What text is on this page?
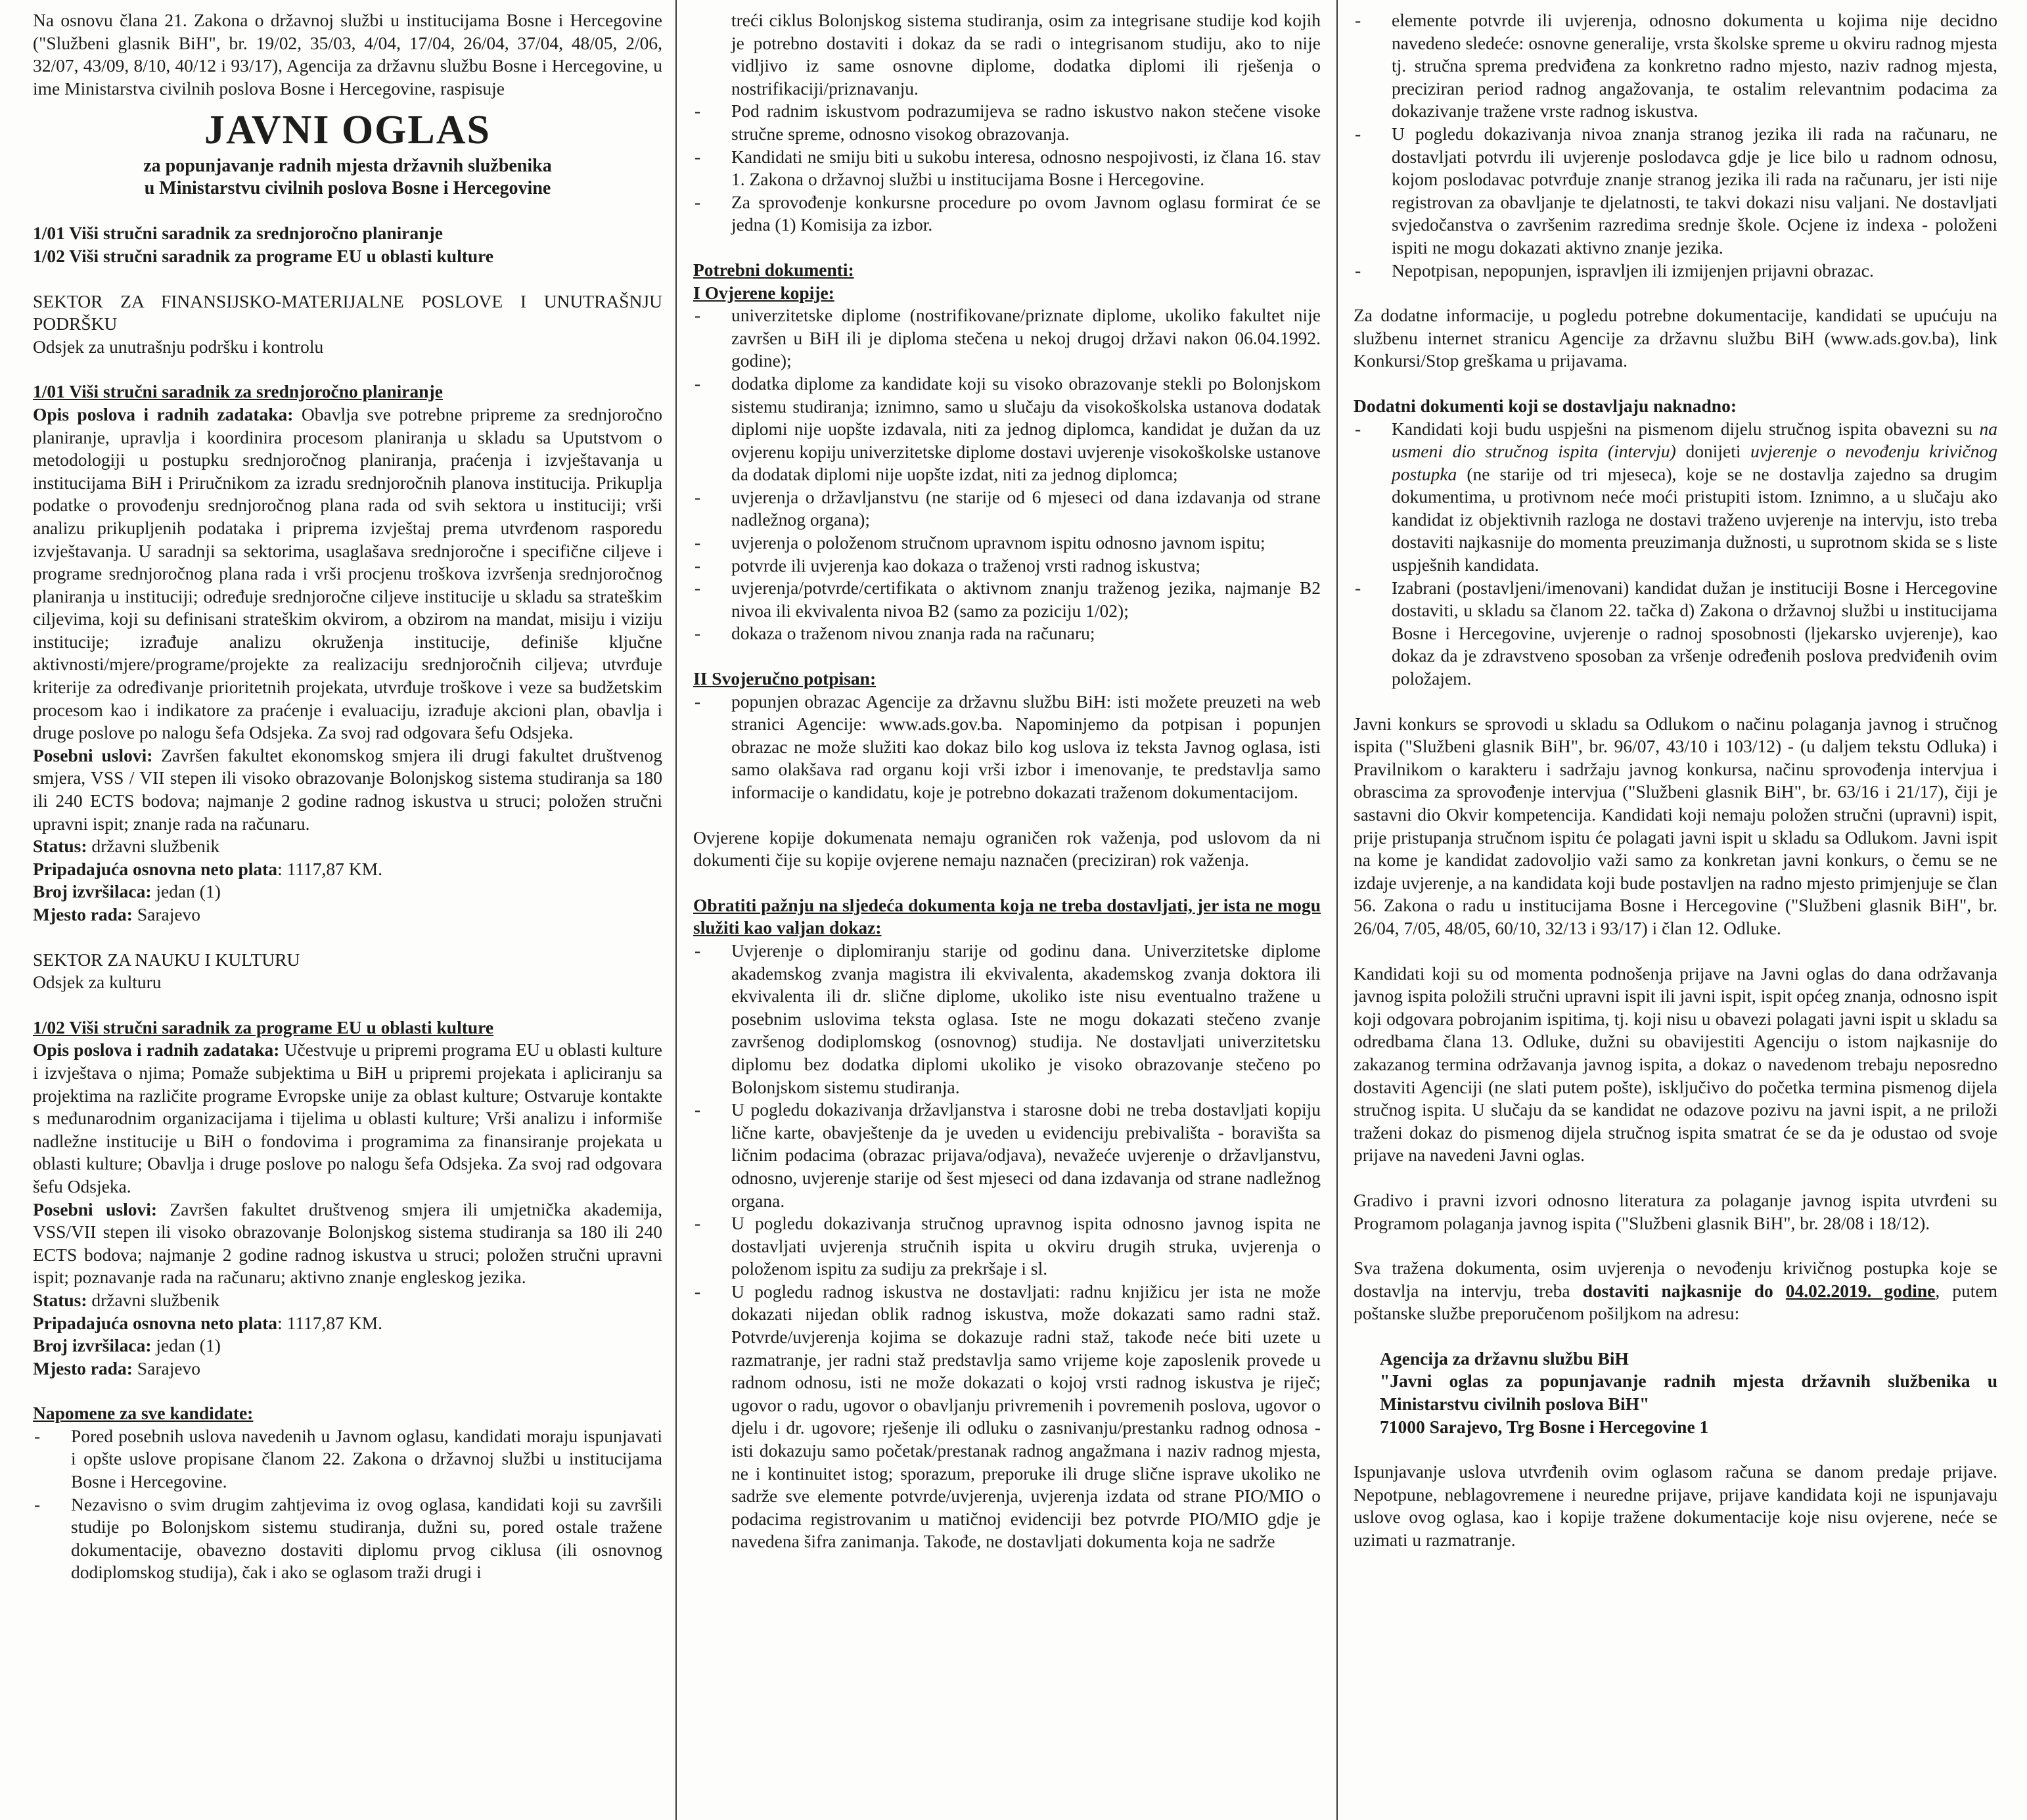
Na osnovu člana 21. Zakona o državnoj službi u institucijama Bosne i Hercegovine ("Službeni glasnik BiH", br. 19/02, 35/03, 4/04, 17/04, 26/04, 37/04, 48/05, 2/06, 32/07, 43/09, 8/10, 40/12 i 93/17), Agencija za državnu službu Bosne i Hercegovine, u ime Ministarstva civilnih poslova Bosne i Hercegovine, raspisuje

JAVNI OGLAS
za popunjavanje radnih mjesta državnih službenika
u Ministarstvu civilnih poslova Bosne i Hercegovine

1/01 Viši stručni saradnik za srednjoročno planiranje

1/02 Viši stručni saradnik za programe EU u oblasti kulture

SEKTOR ZA FINANSIJSKO-MATERIJALNE POSLOVE I UNUTRAŠNJU PODRŠKU

Odsjek za unutrašnju podršku i kontrolu

1/01 Viši stručni saradnik za srednjoročno planiranje

Opis poslova i radnih zadataka: Obavlja sve potrebne pripreme za srednjoročno planiranje, upravlja i koordinira procesom planiranja u skladu sa Uputstvom o metodologiji u postupku srednjoročnog planiranja, praćenja i izvještavanja u institucijama BiH i Priručnikom za izradu srednjoročnih planova institucija. Prikuplja podatke o provođenju srednjoročnog plana rada od svih sektora u instituciji; vrši analizu prikupljenih podataka i priprema izvještaj prema utvrđenom rasporedu izvještavanja. U saradnji sa sektorima, usaglašava srednjoročne i specifične ciljeve i programe srednjoročnog plana rada i vrši procjenu troškova izvršenja srednjoročnog planiranja u instituciji; određuje srednjoročne ciljeve institucije u skladu sa strateškim ciljevima, koji su definisani strateškim okvirom, a obzirom na mandat, misiju i viziju institucije; izrađuje analizu okruženja institucije, definiše ključne aktivnosti/mjere/programe/projekte za realizaciju srednjoročnih ciljeva; utvrđuje kriterije za određivanje prioritetnih projekata, utvrđuje troškove i veze sa budžetskim procesom kao i indikatore za praćenje i evaluaciju, izrađuje akcioni plan, obavlja i druge poslove po nalogu šefa Odsjeka. Za svoj rad odgovara šefu Odsjeka.

Posebni uslovi: Završen fakultet ekonomskog smjera ili drugi fakultet društvenog smjera, VSS / VII stepen ili visoko obrazovanje Bolonjskog sistema studiranja sa 180 ili 240 ECTS bodova; najmanje 2 godine radnog iskustva u struci; položen stručni upravni ispit; znanje rada na računaru.

Status: državni službenik

Pripadajuća osnovna neto plata: 1117,87 KM.

Broj izvršilaca: jedan (1)

Mjesto rada: Sarajevo

SEKTOR ZA NAUKU I KULTURU

Odsjek za kulturu

1/02 Viši stručni saradnik za programe EU u oblasti kulture

Opis poslova i radnih zadataka: Učestvuje u pripremi programa EU u oblasti kulture i izvještava o njima; Pomaže subjektima u BiH u pripremi projekata i apliciranju sa projektima na različite programe Evropske unije za oblast kulture; Ostvaruje kontakte s međunarodnim organizacijama i tijelima u oblasti kulture; Vrši analizu i informiše nadležne institucije u BiH o fondovima i programima za finansiranje projekata u oblasti kulture; Obavlja i druge poslove po nalogu šefa Odsjeka. Za svoj rad odgovara šefu Odsjeka.

Posebni uslovi: Završen fakultet društvenog smjera ili umjetnička akademija, VSS/VII stepen ili visoko obrazovanje Bolonjskog sistema studiranja sa 180 ili 240 ECTS bodova; najmanje 2 godine radnog iskustva u struci; položen stručni upravni ispit; poznavanje rada na računaru; aktivno znanje engleskog jezika.

Status: državni službenik

Pripadajuća osnovna neto plata: 1117,87 KM.

Broj izvršilaca: jedan (1)

Mjesto rada: Sarajevo

Napomene za sve kandidate:

- Pored posebnih uslova navedenih u Javnom oglasu, kandidati moraju ispunjavati i opšte uslove propisane članom 22. Zakona o državnoj službi u institucijama Bosne i Hercegovine.
- Nezavisno o svim drugim zahtjevima iz ovog oglasa, kandidati koji su završili studije po Bolonjskom sistemu studiranja, dužni su, pored ostale tražene dokumentacije, obavezno dostaviti diplomu prvog ciklusa (ili osnovnog dodiplomskog studija), čak i ako se oglasom traži drugi i
treći ciklus Bolonjskog sistema studiranja, osim za integrisane studije kod kojih je potrebno dostaviti i dokaz da se radi o integrisanom studiju, ako to nije vidljivo iz same osnovne diplome, dodatka diplomi ili rješenja o nostrifikaciji/priznavanju.
- Pod radnim iskustvom podrazumijeva se radno iskustvo nakon stečene visoke stručne spreme, odnosno visokog obrazovanja.
- Kandidati ne smiju biti u sukobu interesa, odnosno nespojivosti, iz člana 16. stav 1. Zakona o državnoj službi u institucijama Bosne i Hercegovine.
- Za sprovođenje konkursne procedure po ovom Javnom oglasu formirat će se jedna (1) Komisija za izbor.

Potrebni dokumenti:

I Ovjerene kopije:

- univerzitetske diplome (nostrifikovane/priznate diplome, ukoliko fakultet nije završen u BiH ili je diploma stečena u nekoj drugoj državi nakon 06.04.1992. godine);
- dodatka diplome za kandidate koji su visoko obrazovanje stekli po Bolonjskom sistemu studiranja; iznimno, samo u slučaju da visokoškolska ustanova dodatak diplomi nije uopšte izdavala, niti za jednog diplomca, kandidat je dužan da uz ovjerenu kopiju univerzitetske diplome dostavi uvjerenje visokoškolske ustanove da dodatak diplomi nije uopšte izdat, niti za jednog diplomca;
- uvjerenja o državljanstvu (ne starije od 6 mjeseci od dana izdavanja od strane nadležnog organa);
- uvjerenja o položenom stručnom upravnom ispitu odnosno javnom ispitu;
- potvrde ili uvjerenja kao dokaza o traženoj vrsti radnog iskustva;
- uvjerenja/potvrde/certifikata o aktivnom znanju traženog jezika, najmanje B2 nivoa ili ekvivalenta nivoa B2 (samo za poziciju 1/02);
- dokaza o traženom nivou znanja rada na računaru;

II Svojeručno potpisan:

- popunjen obrazac Agencije za državnu službu BiH: isti možete preuzeti na web stranici Agencije: www.ads.gov.ba. Napominjemo da potpisan i popunjen obrazac ne može služiti kao dokaz bilo kog uslova iz teksta Javnog oglasa, isti samo olakšava rad organu koji vrši izbor i imenovanje, te predstavlja samo informacije o kandidatu, koje je potrebno dokazati traženom dokumentacijom.

Ovjerene kopije dokumenata nemaju ograničen rok važenja, pod uslovom da ni dokumenti čije su kopije ovjerene nemaju naznačen (preciziran) rok važenja.

Obratiti pažnju na sljedeća dokumenta koja ne treba dostavljati, jer ista ne mogu služiti kao valjan dokaz:

- Uvjerenje o diplomiranju starije od godinu dana. Univerzitetske diplome akademskog zvanja magistra ili ekvivalenta, akademskog zvanja doktora ili ekvivalenta ili dr. slične diplome, ukoliko iste nisu eventualno tražene u posebnim uslovima teksta oglasa. Iste ne mogu dokazati stečeno zvanje završenog dodiplomskog (osnovnog) studija. Ne dostavljati univerzitetsku diplomu bez dodatka diplomi ukoliko je visoko obrazovanje stečeno po Bolonjskom sistemu studiranja.
- U pogledu dokazivanja državljanstva i starosne dobi ne treba dostavljati kopiju lične karte, obavještenje da je uveden u evidenciju prebivališta - boravišta sa ličnim podacima (obrazac prijava/odjava), nevažeće uvjerenje o državljanstvu, odnosno, uvjerenje starije od šest mjeseci od dana izdavanja od strane nadležnog organa.
- U pogledu dokazivanja stručnog upravnog ispita odnosno javnog ispita ne dostavljati uvjerenja stručnih ispita u okviru drugih struka, uvjerenja o položenom ispitu za sudiju za prekršaje i sl.
- U pogledu radnog iskustva ne dostavljati: radnu knjižicu jer ista ne može dokazati nijedan oblik radnog iskustva, može dokazati samo radni staž. Potvrde/uvjerenja kojima se dokazuje radni staž, takođe neće biti uzete u razmatranje, jer radni staž predstavlja samo vrijeme koje zaposlenik provede u radnom odnosu, isti ne može dokazati o kojoj vrsti radnog iskustva je riječ; ugovor o radu, ugovor o obavljanju privremenih i povremenih poslova, ugovor o djelu i dr. ugovore; rješenje ili odluku o zasnivanju/prestanku radnog odnosa - isti dokazuju samo početak/prestanak radnog angažmana i naziv radnog mjesta, ne i kontinuitet istog; sporazum, preporuke ili druge slične isprave ukoliko ne sadrže sve elemente potvrde/uvjerenja, uvjerenja izdata od strane PIO/MIO o podacima registrovanim u matičnoj evidenciji bez potvrde PIO/MIO gdje je navedena šifra zanimanja. Takođe, ne dostavljati dokumenta koja ne sadrže
- elemente potvrde ili uvjerenja, odnosno dokumenta u kojima nije decidno navedeno sledeće: osnovne generalije, vrsta školske spreme u okviru radnog mjesta tj. stručna sprema predviđena za konkretno radno mjesto, naziv radnog mjesta, preciziran period radnog angažovanja, te ostalim relevantnim podacima za dokazivanje tražene vrste radnog iskustva.
- U pogledu dokazivanja nivoa znanja stranog jezika ili rada na računaru, ne dostavljati potvrdu ili uvjerenje poslodavca gdje je lice bilo u radnom odnosu, kojom poslodavac potvrđuje znanje stranog jezika ili rada na računaru, jer isti nije registrovan za obavljanje te djelatnosti, te takvi dokazi nisu valjani. Ne dostavljati svjedočanstva o završenim razredima srednje škole. Ocjene iz indexa - položeni ispiti ne mogu dokazati aktivno znanje jezika.
- Nepotpisan, nepopunjen, ispravljen ili izmijenjen prijavni obrazac.

Za dodatne informacije, u pogledu potrebne dokumentacije, kandidati se upućuju na službenu internet stranicu Agencije za državnu službu BiH (www.ads.gov.ba), link Konkursi/Stop greškama u prijavama.

Dodatni dokumenti koji se dostavljaju naknadno:

- Kandidati koji budu uspješni na pismenom dijelu stručnog ispita obavezni su na usmeni dio stručnog ispita (intervju) donijeti uvjerenje o nevođenju krivičnog postupka (ne starije od tri mjeseca), koje se ne dostavlja zajedno sa drugim dokumentima, u protivnom neće moći pristupiti istom. Iznimno, a u slučaju ako kandidat iz objektivnih razloga ne dostavi traženo uvjerenje na intervju, isto treba dostaviti najkasnije do momenta preuzimanja dužnosti, u suprotnom skida se s liste uspješnih kandidata.
- Izabrani (postavljeni/imenovani) kandidat dužan je instituciji Bosne i Hercegovine dostaviti, u skladu sa članom 22. tačka d) Zakona o državnoj službi u institucijama Bosne i Hercegovine, uvjerenje o radnoj sposobnosti (ljekarsko uvjerenje), kao dokaz da je zdravstveno sposoban za vršenje određenih poslova predviđenih ovim položajem.

Javni konkurs se sprovodi u skladu sa Odlukom o načinu polaganja javnog i stručnog ispita ("Službeni glasnik BiH", br. 96/07, 43/10 i 103/12) - (u daljem tekstu Odluka) i Pravilnikom o karakteru i sadržaju javnog konkursa, načinu sprovođenja intervjua i obrascima za sprovođenje intervjua ("Službeni glasnik BiH", br. 63/16 i 21/17), čiji je sastavni dio Okvir kompetencija. Kandidati koji nemaju položen stručni (upravni) ispit, prije pristupanja stručnom ispitu će polagati javni ispit u skladu sa Odlukom. Javni ispit na kome je kandidat zadovoljio važi samo za konkretan javni konkurs, o čemu se ne izdaje uvjerenje, a na kandidata koji bude postavljen na radno mjesto primjenjuje se član 56. Zakona o radu u institucijama Bosne i Hercegovine ("Službeni glasnik BiH", br. 26/04, 7/05, 48/05, 60/10, 32/13 i 93/17) i član 12. Odluke.

Kandidati koji su od momenta podnošenja prijave na Javni oglas do dana održavanja javnog ispita položili stručni upravni ispit ili javni ispit, ispit općeg znanja, odnosno ispit koji odgovara pobrojanim ispitima, tj. koji nisu u obavezi polagati javni ispit u skladu sa odredbama člana 13. Odluke, dužni su obavijestiti Agenciju o istom najkasnije do zakazanog termina održavanja javnog ispita, a dokaz o navedenom trebaju neposredno dostaviti Agenciji (ne slati putem pošte), isključivo do početka termina pismenog dijela stručnog ispita. U slučaju da se kandidat ne odazove pozivu na javni ispit, a ne priloži traženi dokaz do pismenog dijela stručnog ispita smatrat će se da je odustao od svoje prijave na navedeni Javni oglas.

Gradivo i pravni izvori odnosno literatura za polaganje javnog ispita utvrđeni su Programom polaganja javnog ispita ("Službeni glasnik BiH", br. 28/08 i 18/12).

Sva tražena dokumenta, osim uvjerenja o nevođenju krivičnog postupka koje se dostavlja na intervju, treba dostaviti najkasnije do 04.02.2019. godine, putem poštanske službe preporučenom pošiljkom na adresu:

Agencija za državnu službu BiH

"Javni oglas za popunjavanje radnih mjesta državnih službenika u Ministarstvu civilnih poslova BiH"

71000 Sarajevo, Trg Bosne i Hercegovine 1

Ispunjavanje uslova utvrđenih ovim oglasom računa se danom predaje prijave. Nepotpune, neblagovremene i neuredne prijave, prijave kandidata koji ne ispunjavaju uslove ovog oglasa, kao i kopije tražene dokumentacije koje nisu ovjerene, neće se uzimati u razmatranje.
